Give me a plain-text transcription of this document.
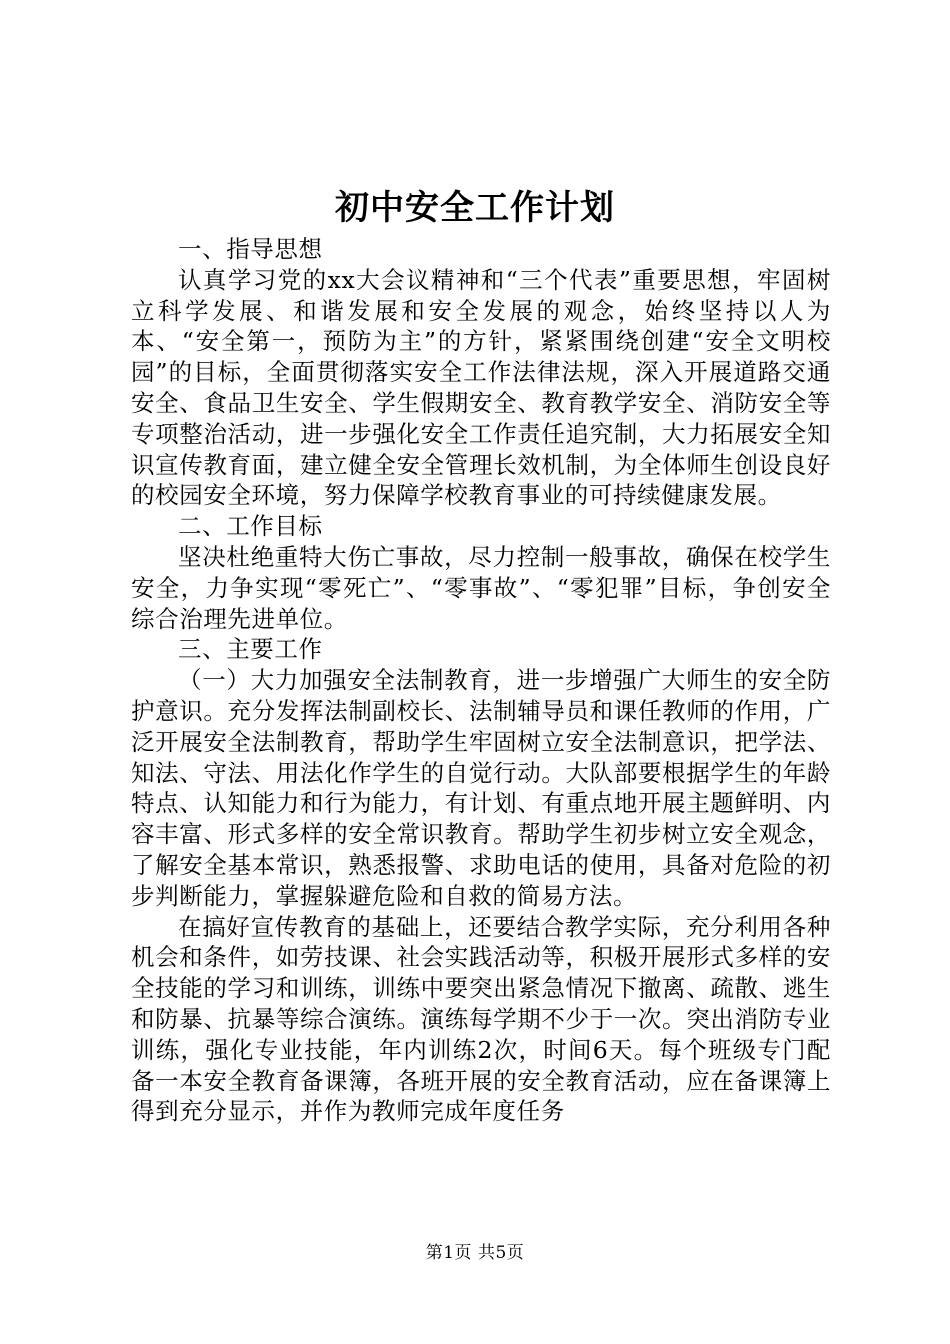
初中安全工作计划

一、指导思想

认真学习党的xx大会议精神和“三个代表”重要思想，牢固树立科学发展、和谐发展和安全发展的观念，始终坚持以人为本、“安全第一，预防为主”的方针，紧紧围绕创建“安全文明校园”的目标，全面贯彻落实安全工作法律法规，深入开展道路交通安全、食品卫生安全、学生假期安全、教育教学安全、消防安全等专项整治活动，进一步强化安全工作责任追究制，大力拓展安全知识宣传教育面，建立健全安全管理长效机制，为全体师生创设良好的校园安全环境，努力保障学校教育事业的可持续健康发展。

二、工作目标

坚决杜绝重特大伤亡事故，尽力控制一般事故，确保在校学生安全，力争实现“零死亡”、“零事故”、“零犯罪”目标，争创安全综合治理先进单位。

三、主要工作

（一）大力加强安全法制教育，进一步增强广大师生的安全防护意识。充分发挥法制副校长、法制辅导员和课任教师的作用，广泛开展安全法制教育，帮助学生牢固树立安全法制意识，把学法、知法、守法、用法化作学生的自觉行动。大队部要根据学生的年龄特点、认知能力和行为能力，有计划、有重点地开展主题鲜明、内容丰富、形式多样的安全常识教育。帮助学生初步树立安全观念，了解安全基本常识，熟悉报警、求助电话的使用，具备对危险的初步判断能力，掌握躲避危险和自救的简易方法。

在搞好宣传教育的基础上，还要结合教学实际，充分利用各种机会和条件，如劳技课、社会实践活动等，积极开展形式多样的安全技能的学习和训练，训练中要突出紧急情况下撤离、疏散、逃生和防暴、抗暴等综合演练。演练每学期不少于一次。突出消防专业训练，强化专业技能，年内训练2次，时间6天。每个班级专门配备一本安全教育备课簿，各班开展的安全教育活动，应在备课簿上得到充分显示，并作为教师完成年度任务

第1页 共5页
